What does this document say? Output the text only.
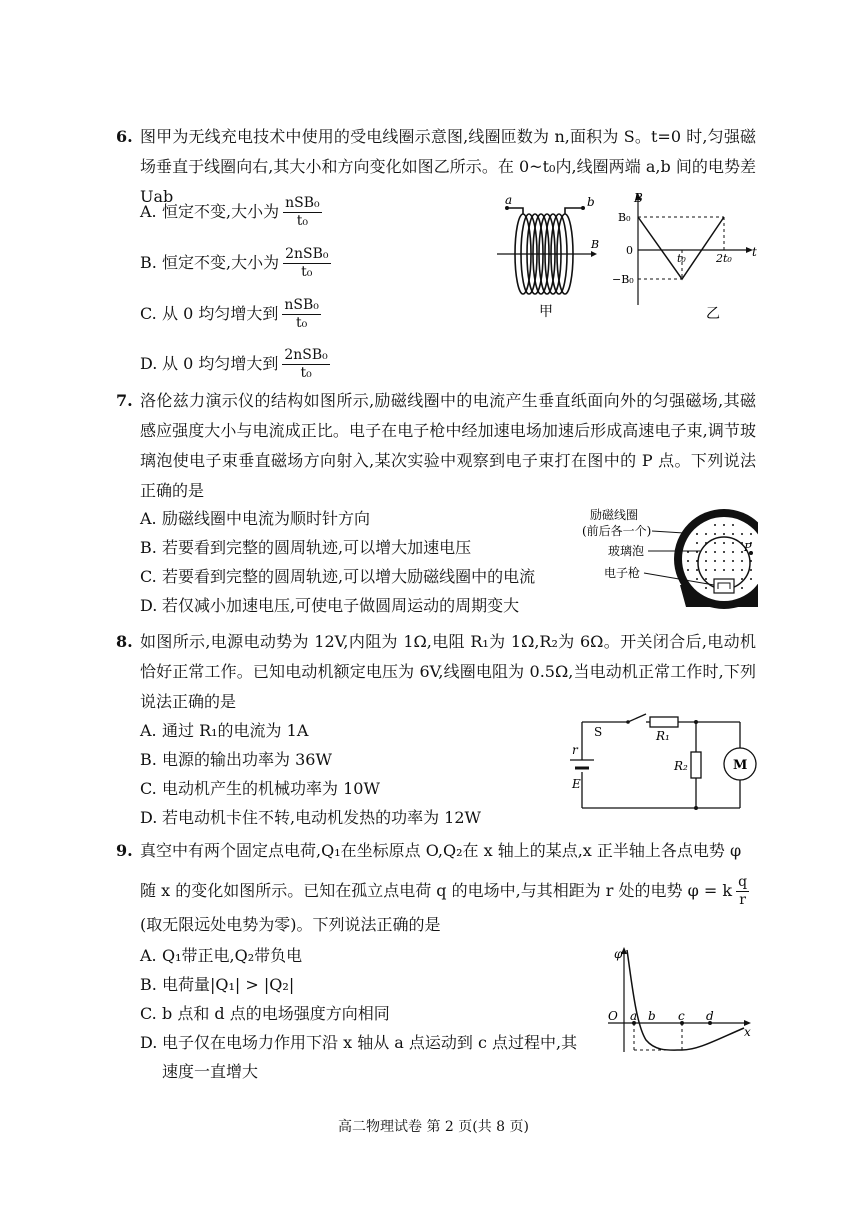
6. 图甲为无线充电技术中使用的受电线圈示意图,线圈匝数为 n,面积为 S。t=0 时,匀强磁场垂直于线圈向右,其大小和方向变化如图乙所示。在 0~t₀内,线圈两端 a,b 间的电势差 Uab
A. 恒定不变,大小为 $\frac{\text{nSB₀}}{\text{t₀}}$
B. 恒定不变,大小为 $\frac{\text{2nSB₀}}{\text{t₀}}$
C. 从 0 均匀增大到 $\frac{\text{nSB₀}}{\text{t₀}}$
D. 从 0 均匀增大到 $\frac{\text{2nSB₀}}{\text{t₀}}$
a	b
B
甲
B
t
B₀
0
−B₀
t₀	2t₀
乙
7. 洛伦兹力演示仪的结构如图所示,励磁线圈中的电流产生垂直纸面向外的匀强磁场,其磁感应强度大小与电流成正比。电子在电子枪中经加速电场加速后形成高速电子束,调节玻璃泡使电子束垂直磁场方向射入,某次实验中观察到电子束打在图中的 P 点。下列说法正确的是
A. 励磁线圈中电流为顺时针方向
B. 若要看到完整的圆周轨迹,可以增大加速电压
C. 若要看到完整的圆周轨迹,可以增大励磁线圈中的电流
D. 若仅减小加速电压,可使电子做圆周运动的周期变大
P
励磁线圈
(前后各一个)
玻璃泡
电子枪
8. 如图所示,电源电动势为 12V,内阻为 1Ω,电阻 R₁为 1Ω,R₂为 6Ω。开关闭合后,电动机恰好正常工作。已知电动机额定电压为 6V,线圈电阻为 0.5Ω,当电动机正常工作时,下列说法正确的是
A. 通过 R₁的电流为 1A
B. 电源的输出功率为 36W
C. 电动机产生的机械功率为 10W
D. 若电动机卡住不转,电动机发热的功率为 12W
S	R₁
R₂
r
E
M
9. 真空中有两个固定点电荷,Q₁在坐标原点 O,Q₂在 x 轴上的某点,x 正半轴上各点电势 φ
随 x 的变化如图所示。已知在孤立点电荷 q 的电场中,与其相距为 r 处的电势 φ = k $\frac{q}{r}$
(取无限远处电势为零)。下列说法正确的是
A. Q₁带正电,Q₂带负电
B. 电荷量|Q₁| > |Q₂|
C. b 点和 d 点的电场强度方向相同
D. 电子仅在电场力作用下沿 x 轴从 a 点运动到 c 点过程中,其
速度一直增大
φ
O a b c d
x
高二物理试卷 第 2 页(共 8 页)
